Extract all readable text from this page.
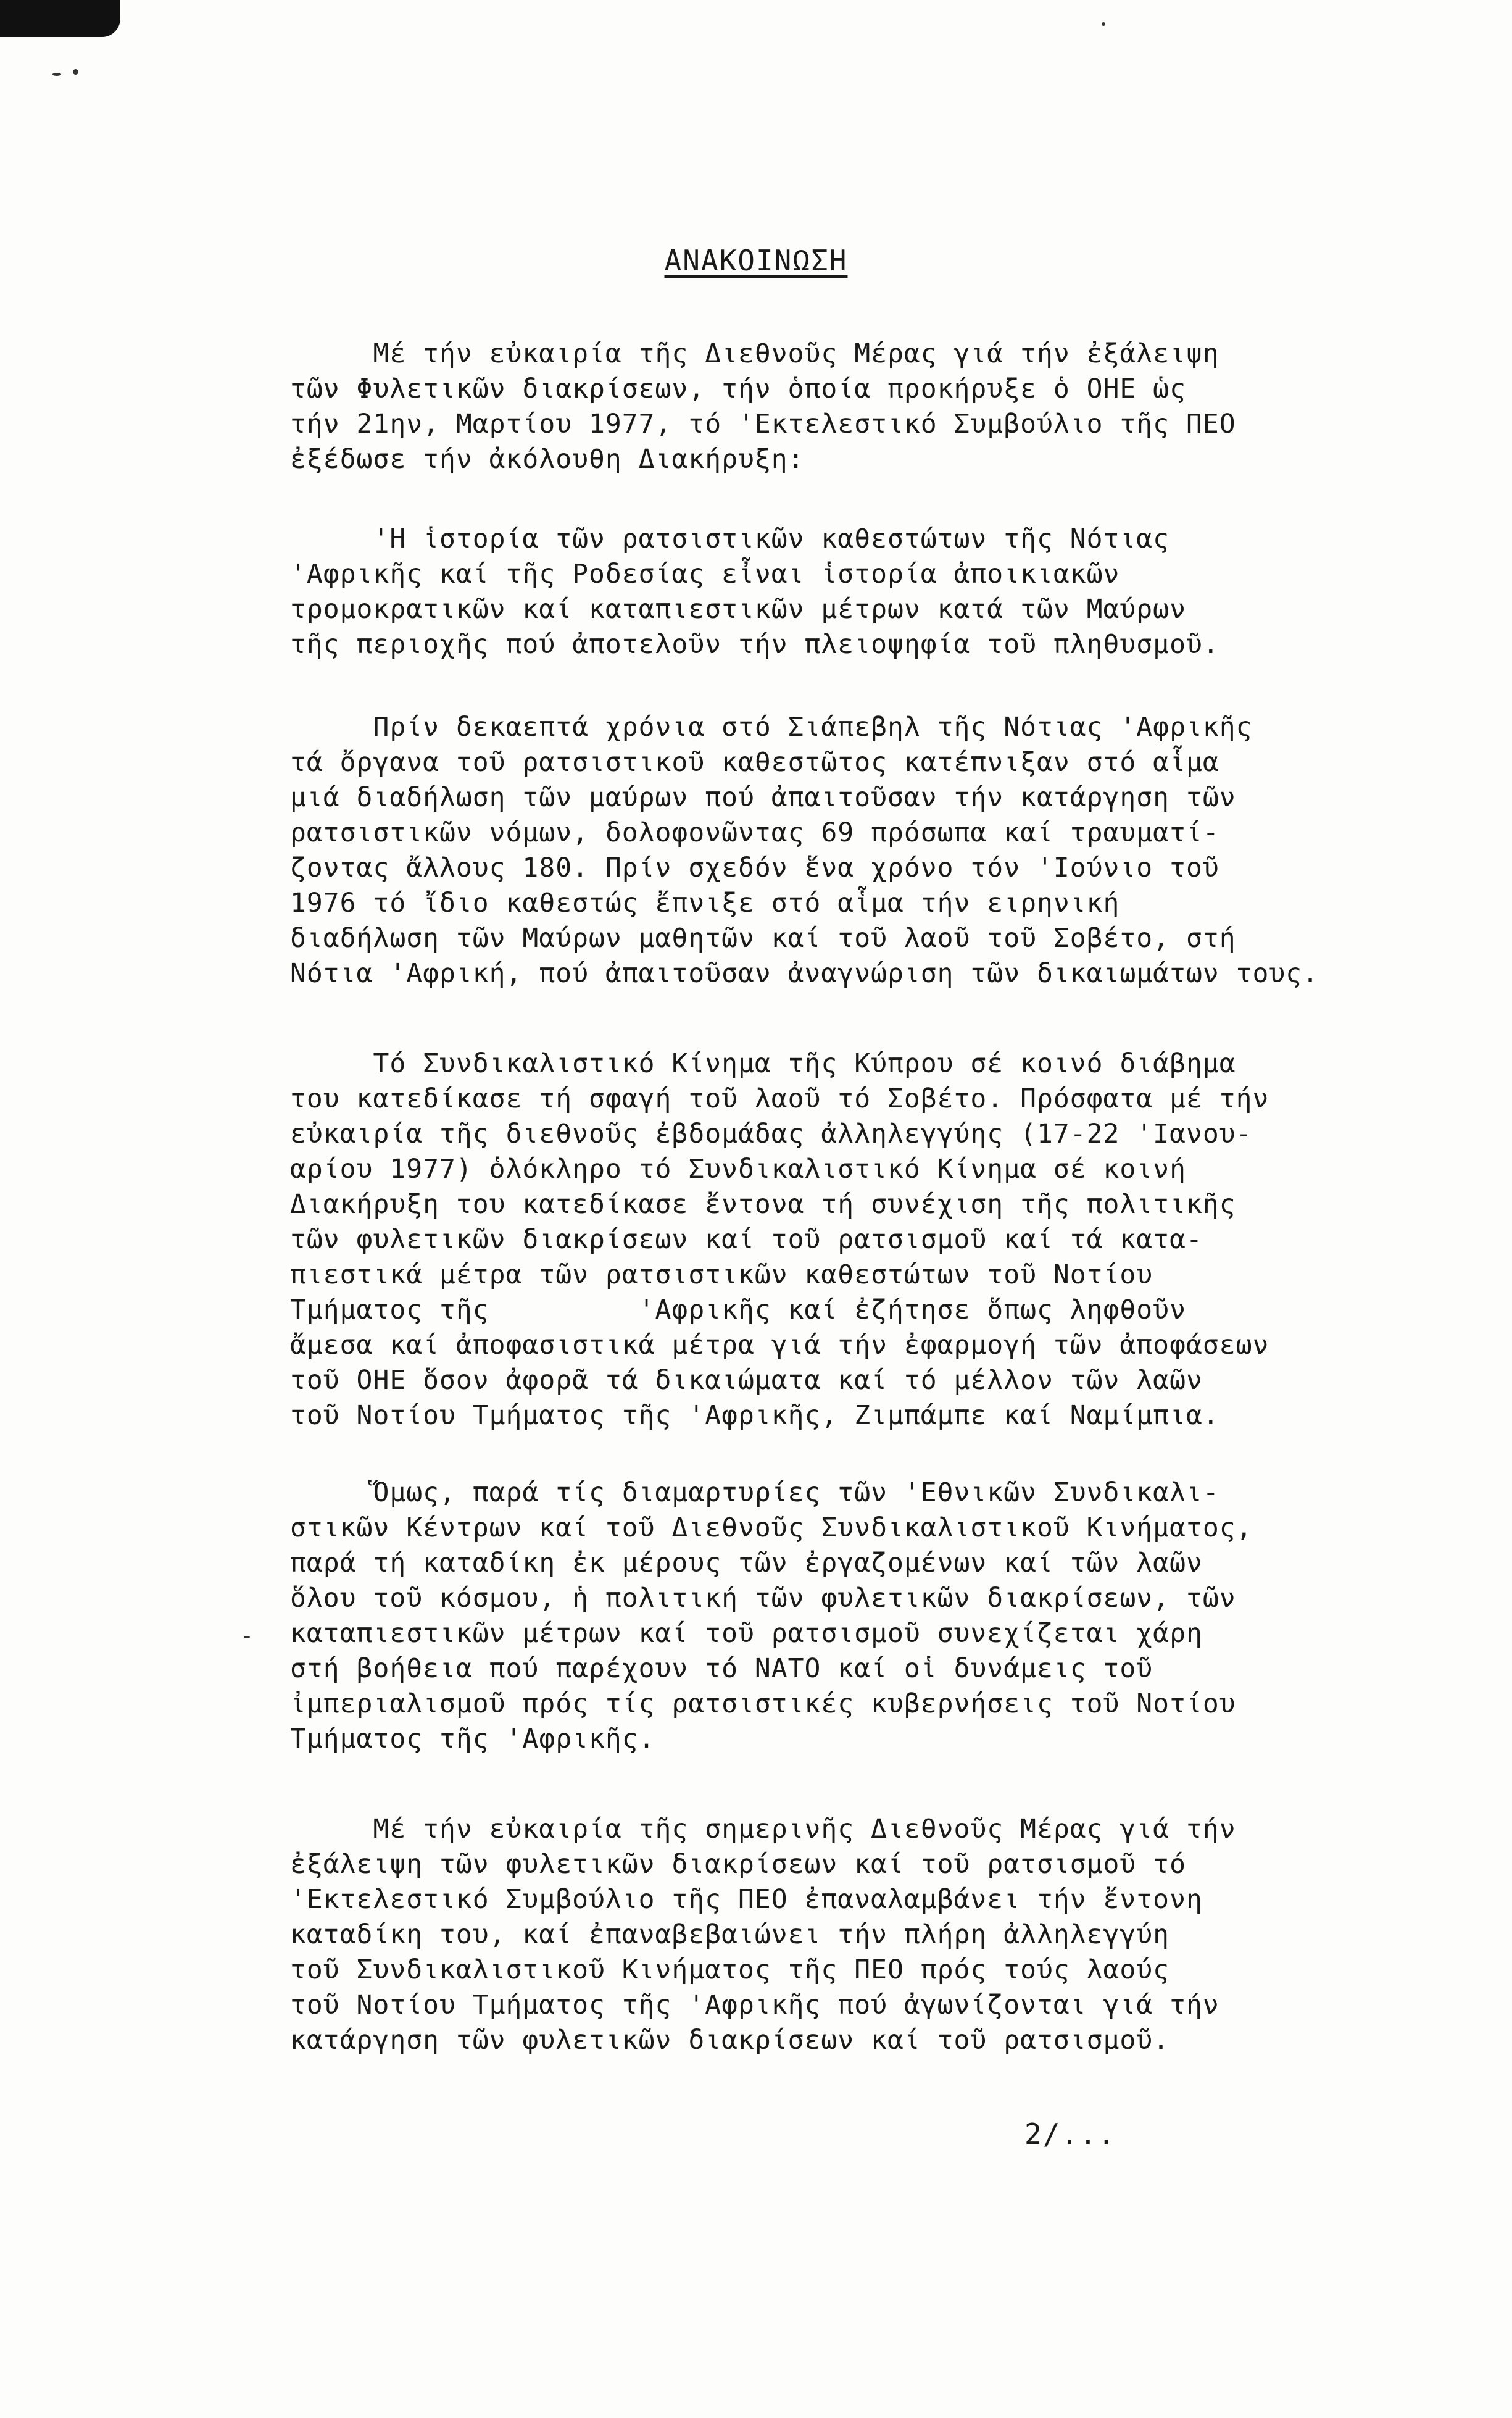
ΑΝΑΚΟΙΝΩΣΗ

Μέ τήν εὐκαιρία τῆς Διεθνοῦς Μέρας γιά τήν ἐξάλειψη
τῶν Φυλετικῶν διακρίσεων, τήν ὁποία προκήρυξε ὁ ΟΗΕ ὡς
τήν 21ην, Μαρτίου 1977, τό 'Εκτελεστικό Συμβούλιο τῆς ΠΕΟ
ἐξέδωσε τήν ἀκόλουθη Διακήρυξη:

'Η ἱστορία τῶν ρατσιστικῶν καθεστώτων τῆς Νότιας
'Αφρικῆς καί τῆς Ροδεσίας εἶναι ἱστορία ἀποικιακῶν
τρομοκρατικῶν καί καταπιεστικῶν μέτρων κατά τῶν Μαύρων
τῆς περιοχῆς πού ἀποτελοῦν τήν πλειοψηφία τοῦ πληθυσμοῦ.

Πρίν δεκαεπτά χρόνια στό Σιάπεβηλ τῆς Νότιας 'Αφρικῆς
τά ὄργανα τοῦ ρατσιστικοῦ καθεστῶτος κατέπνιξαν στό αἷμα
μιά διαδήλωση τῶν μαύρων πού ἀπαιτοῦσαν τήν κατάργηση τῶν
ρατσιστικῶν νόμων, δολοφονῶντας 69 πρόσωπα καί τραυματί-
ζοντας ἄλλους 180. Πρίν σχεδόν ἕνα χρόνο τόν 'Ιούνιο τοῦ
1976 τό ἴδιο καθεστώς ἔπνιξε στό αἷμα τήν ειρηνική
διαδήλωση τῶν Μαύρων μαθητῶν καί τοῦ λαοῦ τοῦ Σοβέτο, στή
Νότια 'Αφρική, πού ἀπαιτοῦσαν ἀναγνώριση τῶν δικαιωμάτων τους.

Τό Συνδικαλιστικό Κίνημα τῆς Κύπρου σέ κοινό διάβημα
του κατεδίκασε τή σφαγή τοῦ λαοῦ τό Σοβέτο. Πρόσφατα μέ τήν
εὐκαιρία τῆς διεθνοῦς ἐβδομάδας ἀλληλεγγύης (17-22 'Ιανου-
αρίου 1977) ὁλόκληρο τό Συνδικαλιστικό Κίνημα σέ κοινή
Διακήρυξη του κατεδίκασε ἔντονα τή συνέχιση τῆς πολιτικῆς
τῶν φυλετικῶν διακρίσεων καί τοῦ ρατσισμοῦ καί τά κατα-
πιεστικά μέτρα τῶν ρατσιστικῶν καθεστώτων τοῦ Νοτίου
Τμήματος τῆς         'Αφρικῆς καί ἐζήτησε ὅπως ληφθοῦν
ἄμεσα καί ἀποφασιστικά μέτρα γιά τήν ἐφαρμογή τῶν ἀποφάσεων
τοῦ ΟΗΕ ὅσον ἀφορᾶ τά δικαιώματα καί τό μέλλον τῶν λαῶν
τοῦ Νοτίου Τμήματος τῆς 'Αφρικῆς, Ζιμπάμπε καί Ναμίμπια.

Ὅμως, παρά τίς διαμαρτυρίες τῶν 'Εθνικῶν Συνδικαλι-
στικῶν Κέντρων καί τοῦ Διεθνοῦς Συνδικαλιστικοῦ Κινήματος,
παρά τή καταδίκη ἐκ μέρους τῶν ἐργαζομένων καί τῶν λαῶν
ὅλου τοῦ κόσμου, ἡ πολιτική τῶν φυλετικῶν διακρίσεων, τῶν
καταπιεστικῶν μέτρων καί τοῦ ρατσισμοῦ συνεχίζεται χάρη
στή βοήθεια πού παρέχουν τό ΝΑΤΟ καί οἱ δυνάμεις τοῦ
ἰμπεριαλισμοῦ πρός τίς ρατσιστικές κυβερνήσεις τοῦ Νοτίου
Τμήματος τῆς 'Αφρικῆς.

Μέ τήν εὐκαιρία τῆς σημερινῆς Διεθνοῦς Μέρας γιά τήν
ἐξάλειψη τῶν φυλετικῶν διακρίσεων καί τοῦ ρατσισμοῦ τό
'Εκτελεστικό Συμβούλιο τῆς ΠΕΟ ἐπαναλαμβάνει τήν ἔντονη
καταδίκη του, καί ἐπαναβεβαιώνει τήν πλήρη ἀλληλεγγύη
τοῦ Συνδικαλιστικοῦ Κινήματος τῆς ΠΕΟ πρός τούς λαούς
τοῦ Νοτίου Τμήματος τῆς 'Αφρικῆς πού ἀγωνίζονται γιά τήν
κατάργηση τῶν φυλετικῶν διακρίσεων καί τοῦ ρατσισμοῦ.

2/...
